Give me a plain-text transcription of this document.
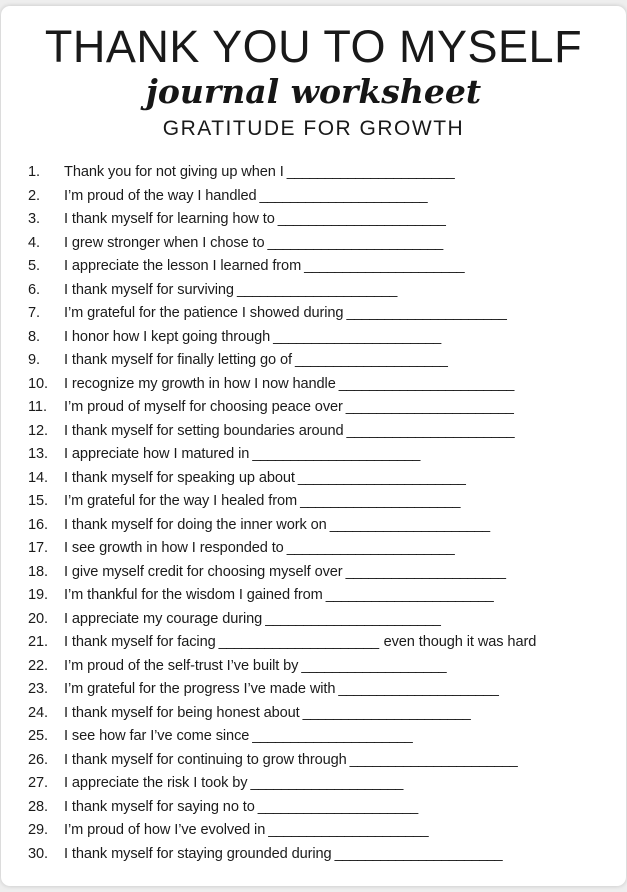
THANK YOU TO MYSELF
journal worksheet
GRATITUDE FOR GROWTH
1. Thank you for not giving up when I ______________________
2. I’m proud of the way I handled ______________________
3. I thank myself for learning how to ______________________
4. I grew stronger when I chose to _______________________
5. I appreciate the lesson I learned from _____________________
6. I thank myself for surviving _____________________
7. I’m grateful for the patience I showed during _____________________
8. I honor how I kept going through ______________________
9. I thank myself for finally letting go of ____________________
10. I recognize my growth in how I now handle _______________________
11. I’m proud of myself for choosing peace over ______________________
12. I thank myself for setting boundaries around ______________________
13. I appreciate how I matured in ______________________
14. I thank myself for speaking up about ______________________
15. I’m grateful for the way I healed from _____________________
16. I thank myself for doing the inner work on _____________________
17. I see growth in how I responded to ______________________
18. I give myself credit for choosing myself over _____________________
19. I’m thankful for the wisdom I gained from ______________________
20. I appreciate my courage during _______________________
21. I thank myself for facing _____________________ even though it was hard
22. I’m proud of the self-trust I’ve built by ___________________
23. I’m grateful for the progress I’ve made with _____________________
24. I thank myself for being honest about ______________________
25. I see how far I’ve come since _____________________
26. I thank myself for continuing to grow through ______________________
27. I appreciate the risk I took by ____________________
28. I thank myself for saying no to _____________________
29. I’m proud of how I’ve evolved in _____________________
30. I thank myself for staying grounded during ______________________
